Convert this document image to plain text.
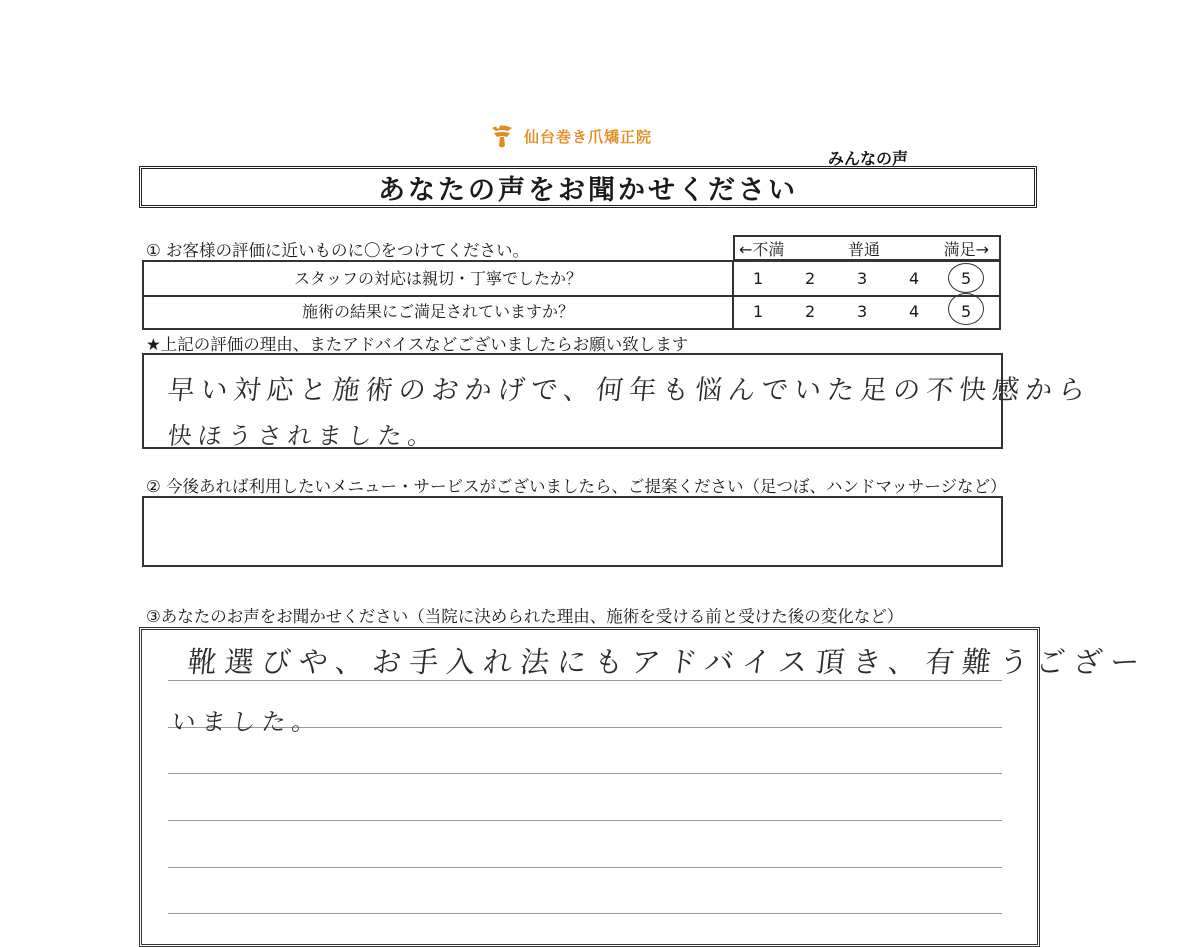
仙台巻き爪矯正院
みんなの声
あなたの声をお聞かせください
① お客様の評価に近いものに〇をつけてください。	←不満	普通	満足→
スタッフの対応は親切・丁寧でしたか？	1	2	3	4	5
施術の結果にご満足されていますか？	1	2	3	4	5
★上記の評価の理由、またアドバイスなどございましたらお願い致します
早い対応と施術のおかげで、何年も悩んでいた足の不快感から
快ほうされました。
② 今後あれば利用したいメニュー・サービスがございましたら、ご提案ください（足つぼ、ハンドマッサージなど）
③あなたのお声をお聞かせください（当院に決められた理由、施術を受ける前と受けた後の変化など）
靴選びや、お手入れ法にもアドバイス頂き、有難うござー
いました。
